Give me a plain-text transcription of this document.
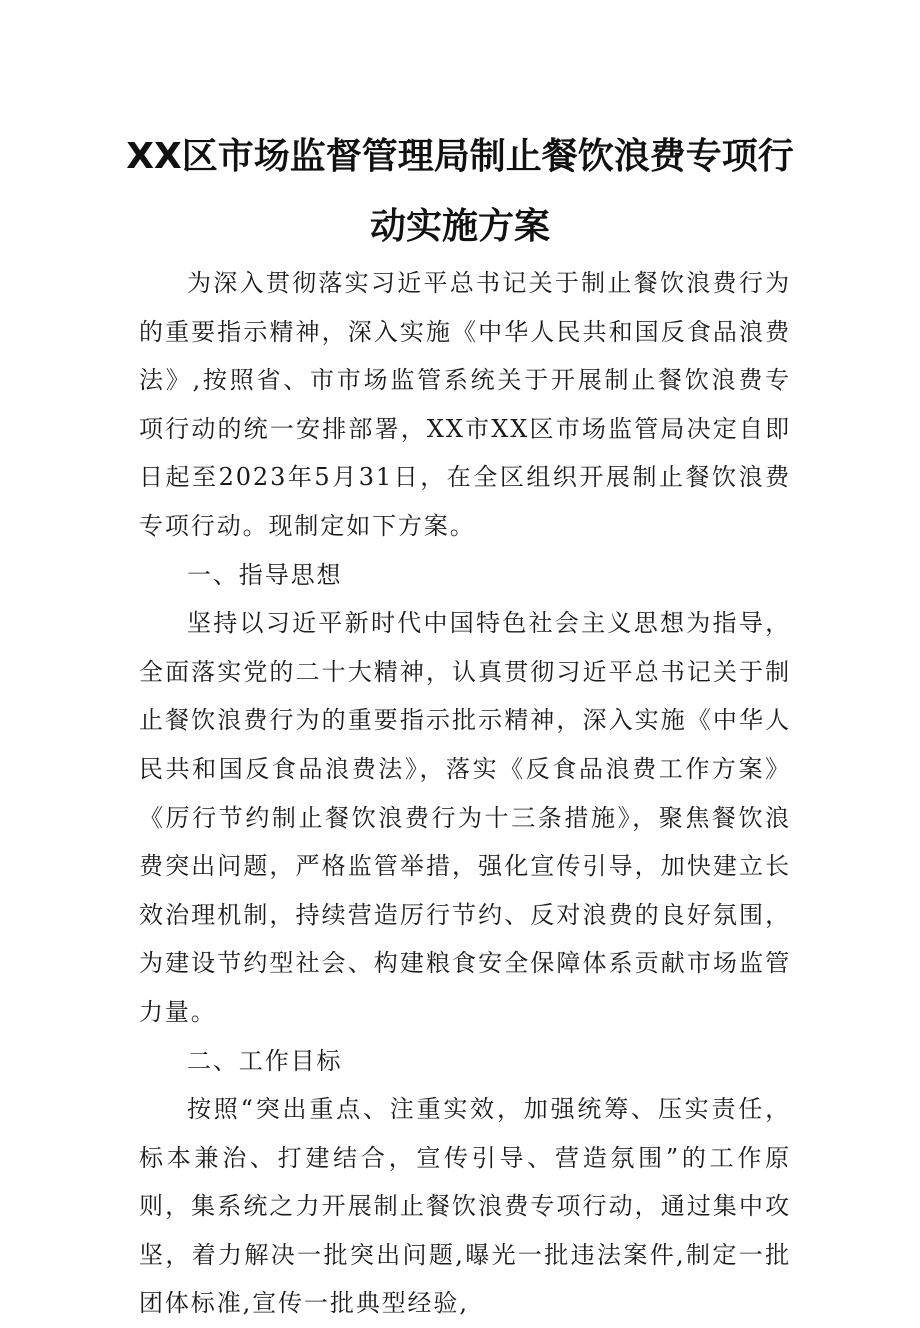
XX区市场监督管理局制止餐饮浪费专项行
动实施方案

为深入贯彻落实习近平总书记关于制止餐饮浪费行为的重要指示精神，深入实施《中华人民共和国反食品浪费法》,按照省、市市场监管系统关于开展制止餐饮浪费专项行动的统一安排部署，XX市XX区市场监管局决定自即日起至2023年5月31日，在全区组织开展制止餐饮浪费专项行动。现制定如下方案。

一、指导思想

坚持以习近平新时代中国特色社会主义思想为指导，全面落实党的二十大精神，认真贯彻习近平总书记关于制止餐饮浪费行为的重要指示批示精神，深入实施《中华人民共和国反食品浪费法》，落实《反食品浪费工作方案》《厉行节约制止餐饮浪费行为十三条措施》，聚焦餐饮浪费突出问题，严格监管举措，强化宣传引导，加快建立长效治理机制，持续营造厉行节约、反对浪费的良好氛围，为建设节约型社会、构建粮食安全保障体系贡献市场监管力量。

二、工作目标

按照“突出重点、注重实效，加强统筹、压实责任，标本兼治、打建结合，宣传引导、营造氛围”的工作原则，集系统之力开展制止餐饮浪费专项行动，通过集中攻坚，着力解决一批突出问题,曝光一批违法案件,制定一批团体标准,宣传一批典型经验,
